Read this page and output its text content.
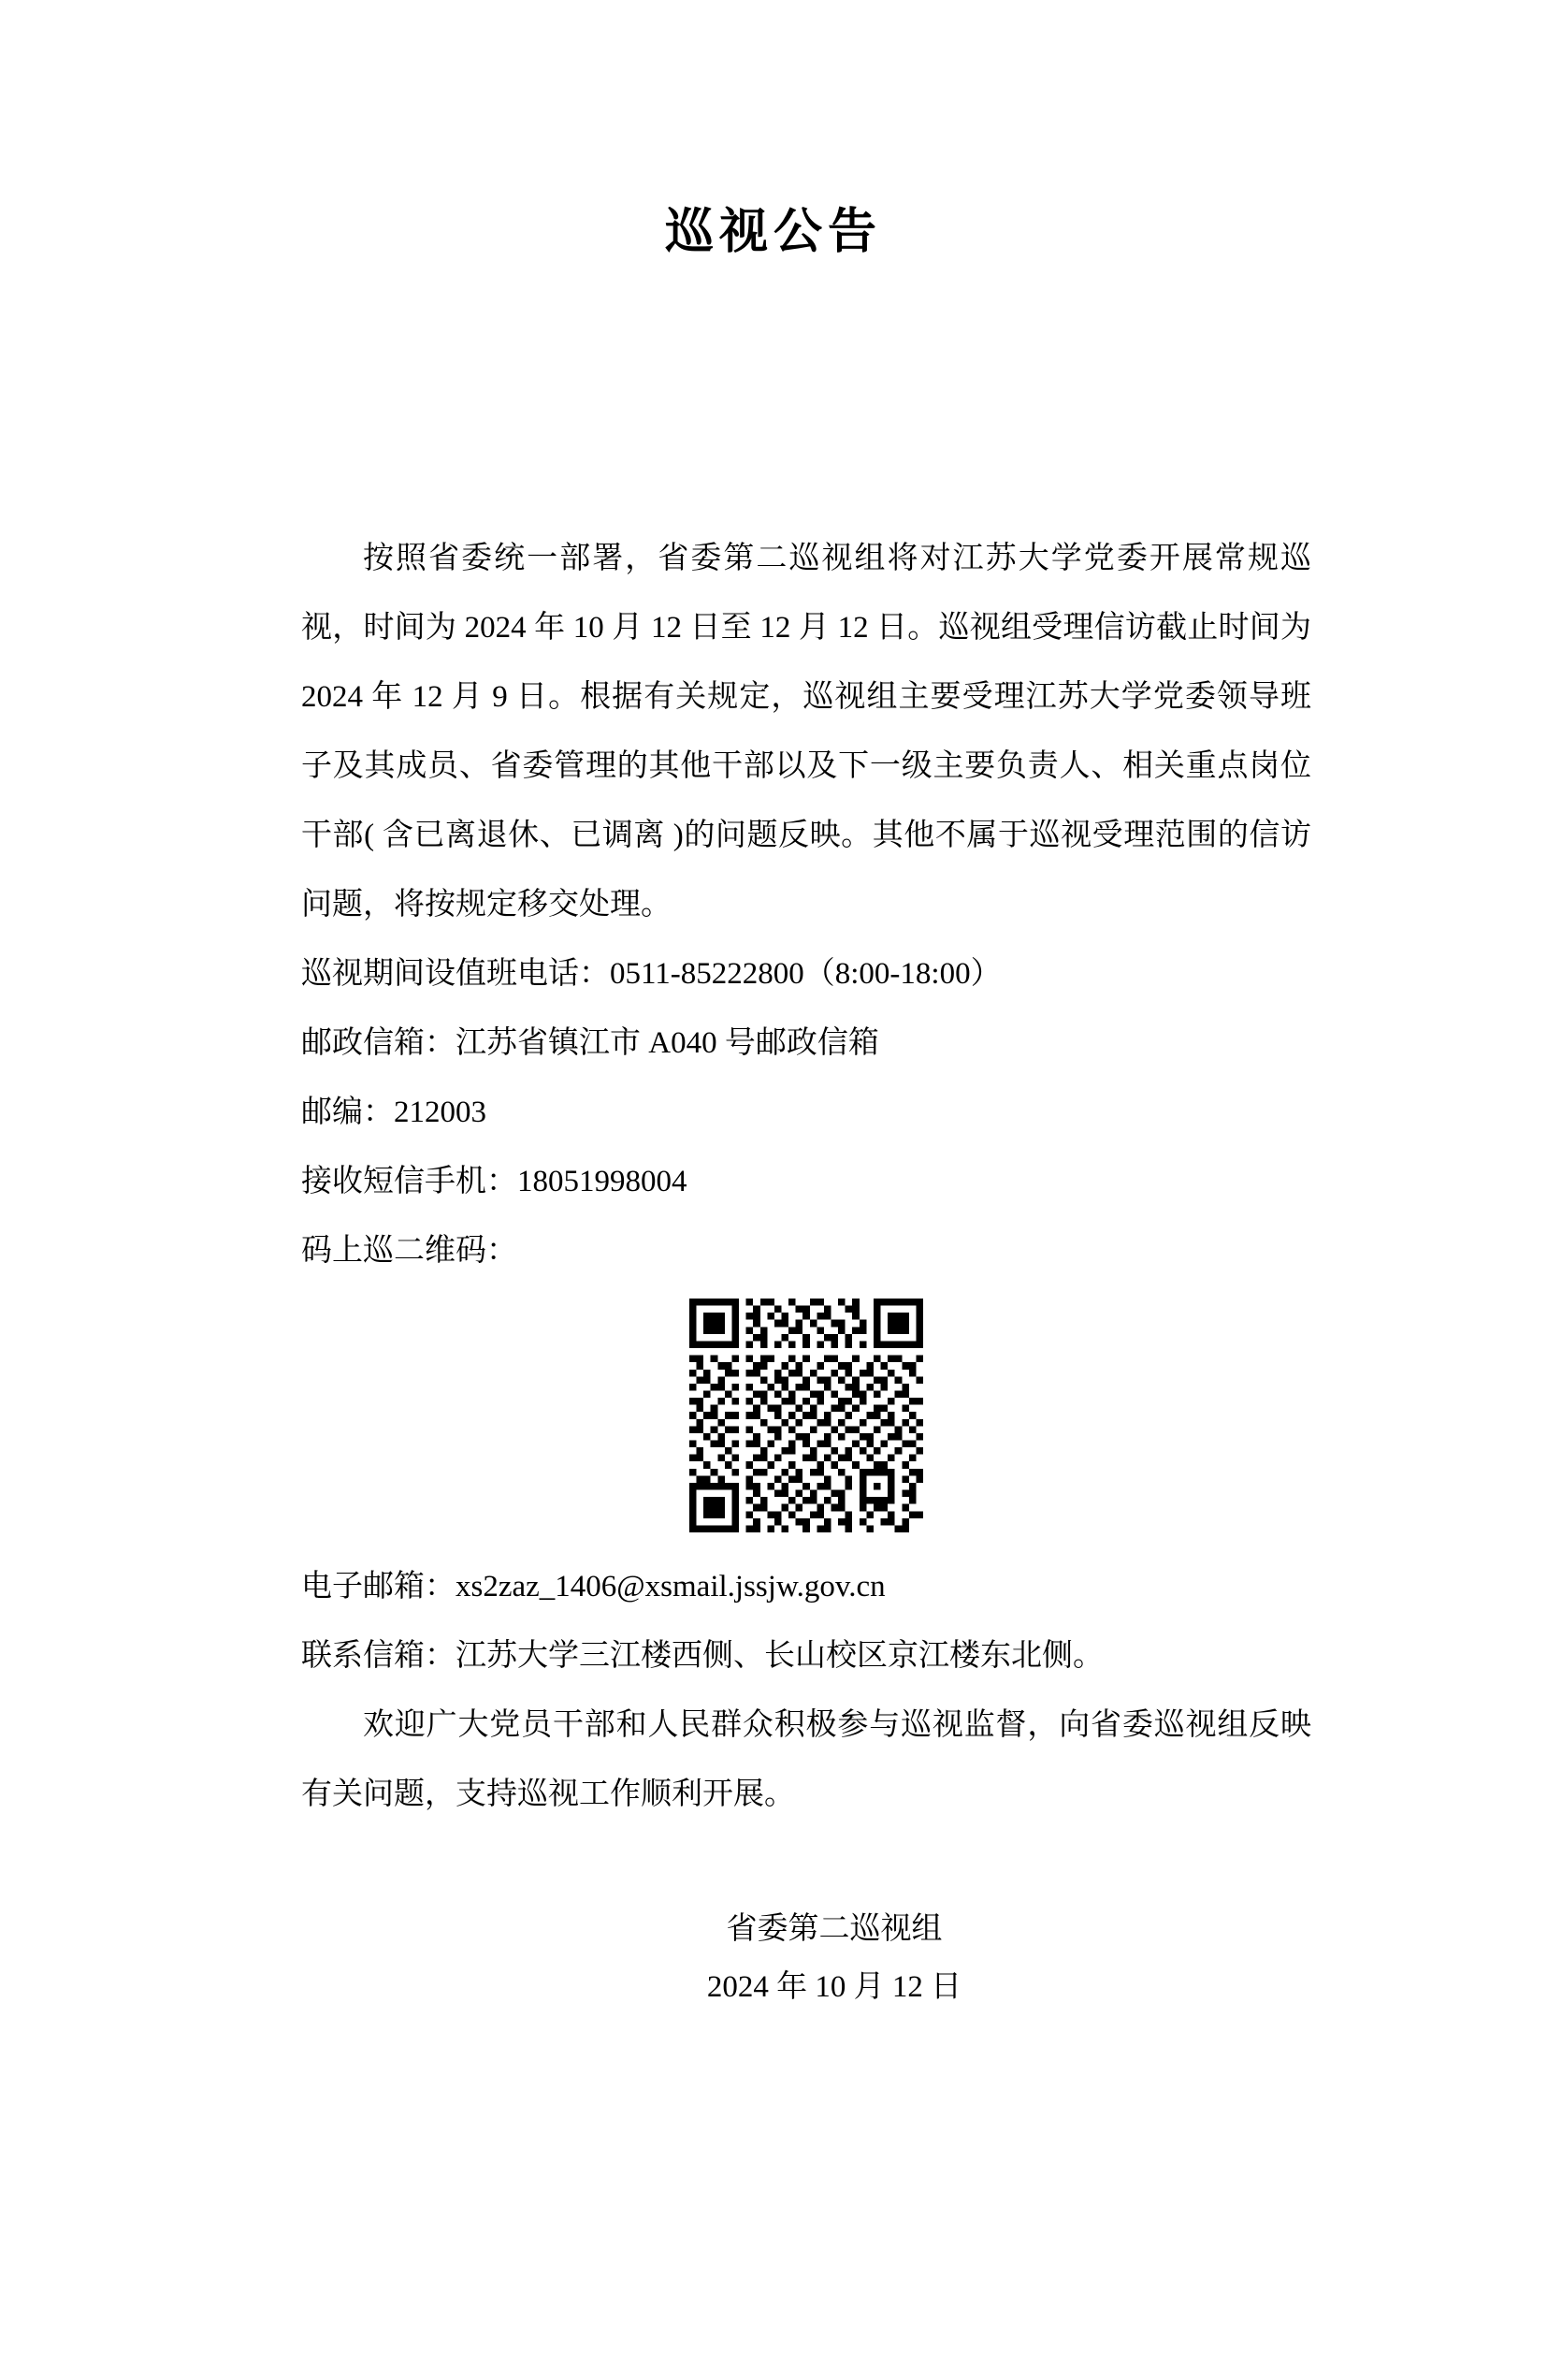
巡视公告

按照省委统一部署，省委第二巡视组将对江苏大学党委开展常规巡视，时间为 2024 年 10 月 12 日至 12 月 12 日。巡视组受理信访截止时间为 2024 年 12 月 9 日。根据有关规定，巡视组主要受理江苏大学党委领导班子及其成员、省委管理的其他干部以及下一级主要负责人、相关重点岗位干部( 含已离退休、已调离 )的问题反映。其他不属于巡视受理范围的信访问题，将按规定移交处理。

巡视期间设值班电话：0511-85222800（8:00-18:00）

邮政信箱：江苏省镇江市 A040 号邮政信箱

邮编：212003

接收短信手机：18051998004

码上巡二维码：

电子邮箱：xs2zaz_1406@xsmail.jssjw.gov.cn

联系信箱：江苏大学三江楼西侧、长山校区京江楼东北侧。

欢迎广大党员干部和人民群众积极参与巡视监督，向省委巡视组反映有关问题，支持巡视工作顺利开展。

省委第二巡视组

2024 年 10 月 12 日
